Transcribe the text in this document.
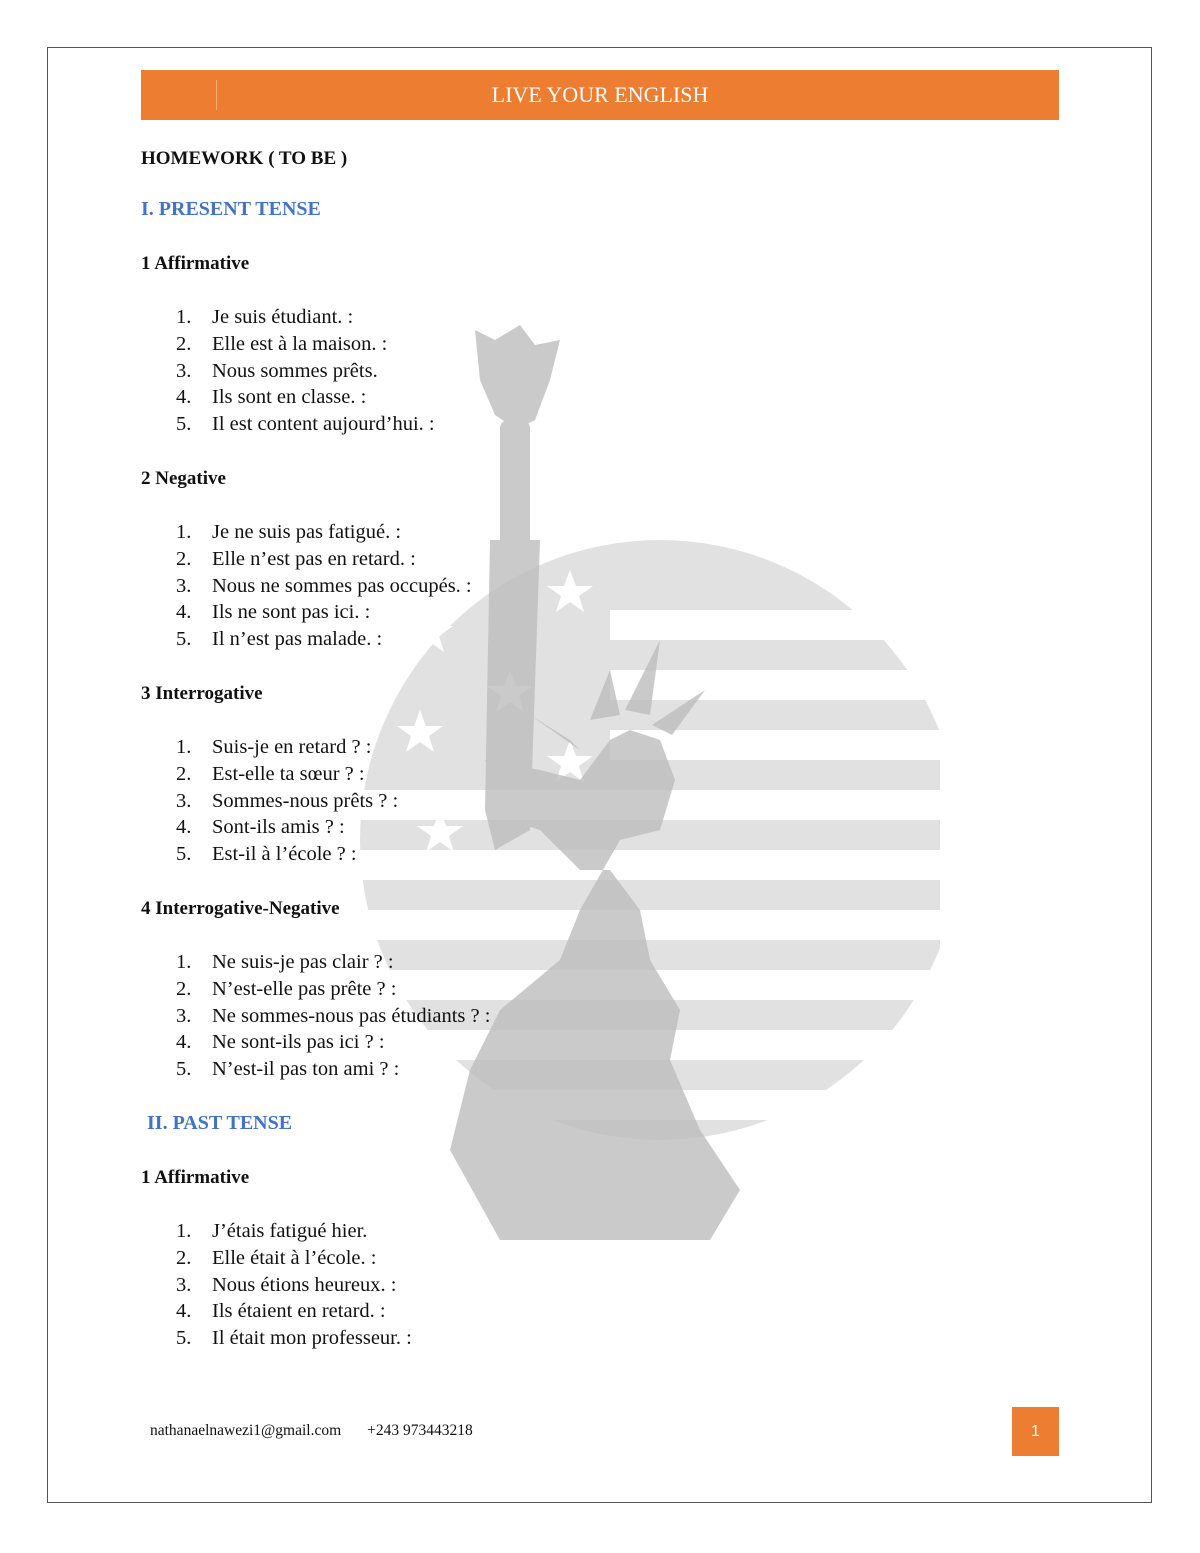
LIVE YOUR ENGLISH
HOMEWORK ( TO BE )
I. PRESENT TENSE
1 Affirmative
1. Je suis étudiant. :
2. Elle est à la maison. :
3. Nous sommes prêts.
4. Ils sont en classe. :
5. Il est content aujourd’hui. :
2 Negative
1. Je ne suis pas fatigué. :
2. Elle n’est pas en retard. :
3. Nous ne sommes pas occupés. :
4. Ils ne sont pas ici. :
5. Il n’est pas malade. :
3 Interrogative
1. Suis-je en retard ? :
2. Est-elle ta sœur ? :
3. Sommes-nous prêts ? :
4. Sont-ils amis ? :
5. Est-il à l’école ? :
4 Interrogative-Negative
1. Ne suis-je pas clair ? :
2. N’est-elle pas prête ? :
3. Ne sommes-nous pas étudiants ? :
4. Ne sont-ils pas ici ? :
5. N’est-il pas ton ami ? :
II. PAST TENSE
1 Affirmative
1. J’étais fatigué hier.
2. Elle était à l’école. :
3. Nous étions heureux. :
4. Ils étaient en retard. :
5. Il était mon professeur. :
nathanaelnawezi1@gmail.com +243 973443218	1
